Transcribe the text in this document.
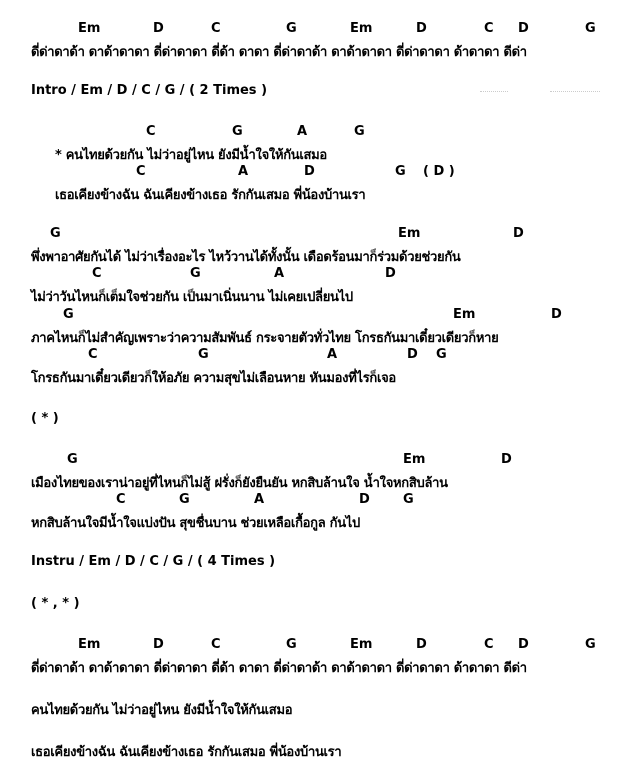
Em	D	C	G	Em	D	C D	G
ดี่ด่าดาด้า ดาด้าดาดา ดี่ด่าดาดา ดี่ด้า ดาดา ดี่ด่าดาด้า ดาด้าดาดา ดี่ด่าดาดา ด้าดาดา ดีด่า
Intro / Em / D / C / G / ( 2 Times )
C	G	A	G
* คนไทยด้วยกัน ไม่ว่าอยู่ไหน ยังมีน้ำใจให้กันเสมอ
C	A	D	G ( D )
เธอเคียงข้างฉัน ฉันเคียงข้างเธอ รักกันเสมอ พี่น้องบ้านเรา
G	Em	D
พึ่งพาอาศัยกันได้ ไม่ว่าเรื่องอะไร ไหว้วานได้ทั้งนั้น เดือดร้อนมาก็ร่วมด้วยช่วยกัน
C	G	A	D
ไม่ว่าวันไหนก็เต็มใจช่วยกัน เป็นมาเนิ่นนาน ไม่เคยเปลี่ยนไป
G	Em	D
ภาคไหนก็ไม่สำคัญเพราะว่าความสัมพันธ์ กระจายตัวทั่วไทย โกรธกันมาเดี๋ยวเดียวก็หาย
C	G	A	D G
โกรธกันมาเดี๋ยวเดียวก็ให้อภัย ความสุขไม่เลือนหาย หันมองที่ไรก็เจอ
( * )
G	Em	D
เมืองไทยของเราน่าอยู่ที่ไหนก็ไม่สู้ ฝรั่งก็ยังยืนยัน หกสิบล้านใจ น้ำใจหกสิบล้าน
C	G	A	D	G
หกสิบล้านใจมีน้ำใจแบ่งปัน สุขชื่นบาน ช่วยเหลือเกื้อกูล กันไป
Instru / Em / D / C / G / ( 4 Times )
( * , * )
Em	D	C	G	Em	D	C D	G
ดี่ด่าดาด้า ดาด้าดาดา ดี่ด่าดาดา ดี่ด้า ดาดา ดี่ด่าดาด้า ดาด้าดาดา ดี่ด่าดาดา ด้าดาดา ดีด่า
คนไทยด้วยกัน ไม่ว่าอยู่ไหน ยังมีน้ำใจให้กันเสมอ
เธอเคียงข้างฉัน ฉันเคียงข้างเธอ รักกันเสมอ พี่น้องบ้านเรา
